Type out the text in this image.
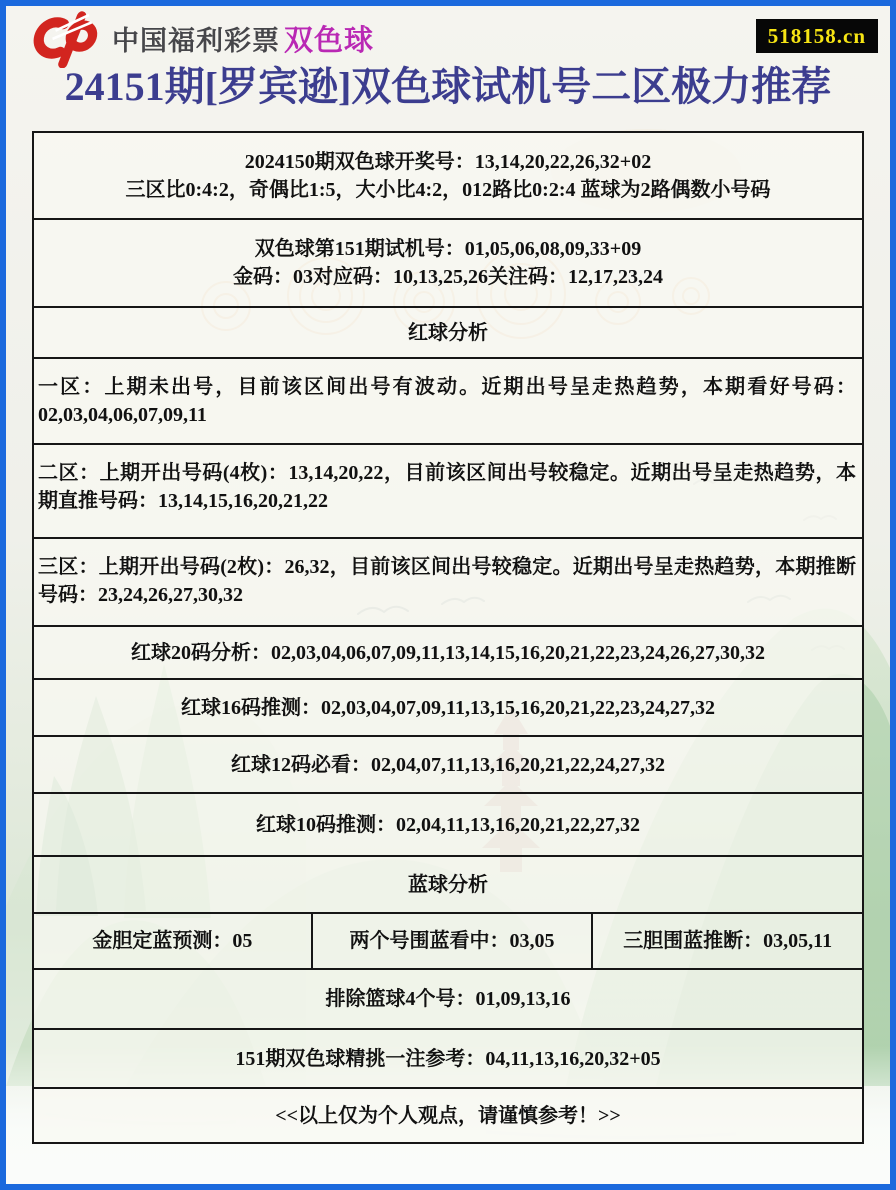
中国福利彩票 双色球	518158.cn
24151期[罗宾逊]双色球试机号二区极力推荐
2024150期双色球开奖号：13,14,20,22,26,32+02
三区比0:4:2，奇偶比1:5，大小比4:2，012路比0:2:4 蓝球为2路偶数小号码
双色球第151期试机号：01,05,06,08,09,33+09
金码：03对应码：10,13,25,26关注码：12,17,23,24
红球分析
一区：上期未出号，目前该区间出号有波动。近期出号呈走热趋势，本期看好号码：02,03,04,06,07,09,11
二区：上期开出号码(4枚)：13,14,20,22，目前该区间出号较稳定。近期出号呈走热趋势，本期直推号码：13,14,15,16,20,21,22
三区：上期开出号码(2枚)：26,32，目前该区间出号较稳定。近期出号呈走热趋势，本期推断号码：23,24,26,27,30,32
红球20码分析：02,03,04,06,07,09,11,13,14,15,16,20,21,22,23,24,26,27,30,32
红球16码推测：02,03,04,07,09,11,13,15,16,20,21,22,23,24,27,32
红球12码必看：02,04,07,11,13,16,20,21,22,24,27,32
红球10码推测：02,04,11,13,16,20,21,22,27,32
蓝球分析
金胆定蓝预测：05	两个号围蓝看中：03,05	三胆围蓝推断：03,05,11
排除篮球4个号：01,09,13,16
151期双色球精挑一注参考：04,11,13,16,20,32+05
<<以上仅为个人观点，请谨慎参考！>>
